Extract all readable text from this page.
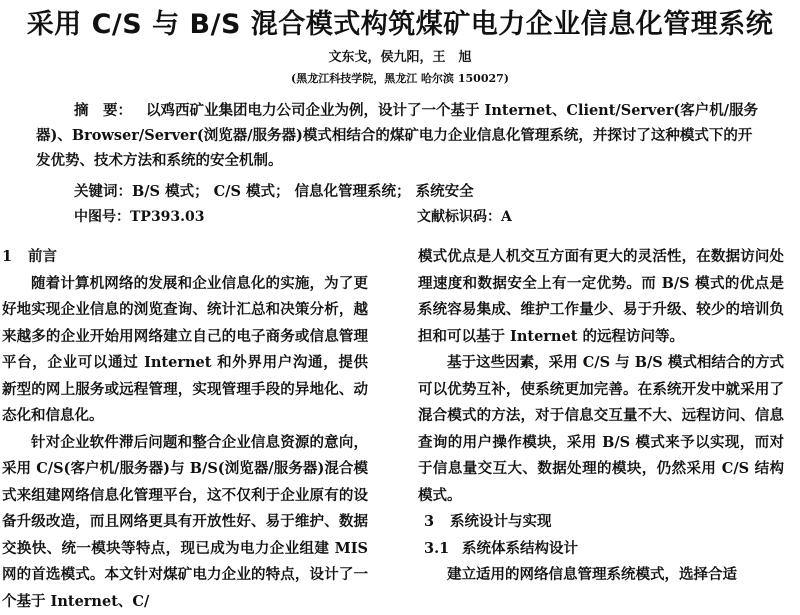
采用 C/S 与 B/S 混合模式构筑煤矿电力企业信息化管理系统
文东戈，侯九阳，王　旭
(黑龙江科技学院，黑龙江 哈尔滨 150027)
摘　要： 以鸡西矿业集团电力公司企业为例，设计了一个基于 Internet、Client/Server(客户机/服务器)、Browser/Server(浏览器/服务器)模式相结合的煤矿电力企业信息化管理系统，并探讨了这种模式下的开发优势、技术方法和系统的安全机制。
关键词：B/S 模式； C/S 模式； 信息化管理系统； 系统安全
中图号：TP393.03	文献标识码：A
1 前言

随着计算机网络的发展和企业信息化的实施，为了更好地实现企业信息的浏览查询、统计汇总和决策分析，越来越多的企业开始用网络建立自己的电子商务或信息管理平台，企业可以通过 Internet 和外界用户沟通，提供新型的网上服务或远程管理，实现管理手段的异地化、动态化和信息化。

针对企业软件滞后问题和整合企业信息资源的意向，采用 C/S(客户机/服务器)与 B/S(浏览器/服务器)混合模式来组建网络信息化管理平台，这不仅利于企业原有的设备升级改造，而且网络更具有开放性好、易于维护、数据交换快、统一模块等特点，现已成为电力企业组建 MIS 网的首选模式。本文针对煤矿电力企业的特点，设计了一个基于 Internet、C/

模式优点是人机交互方面有更大的灵活性，在数据访问处理速度和数据安全上有一定优势。而 B/S 模式的优点是系统容易集成、维护工作量少、易于升级、较少的培训负担和可以基于 Internet 的远程访问等。

基于这些因素，采用 C/S 与 B/S 模式相结合的方式可以优势互补，使系统更加完善。在系统开发中就采用了混合模式的方法，对于信息交互量不大、远程访问、信息查询的用户操作模块，采用 B/S 模式来予以实现，而对于信息量交互大、数据处理的模块，仍然采用 C/S 结构模式。

3 系统设计与实现
3.1 系统体系结构设计

建立适用的网络信息管理系统模式，选择合适
